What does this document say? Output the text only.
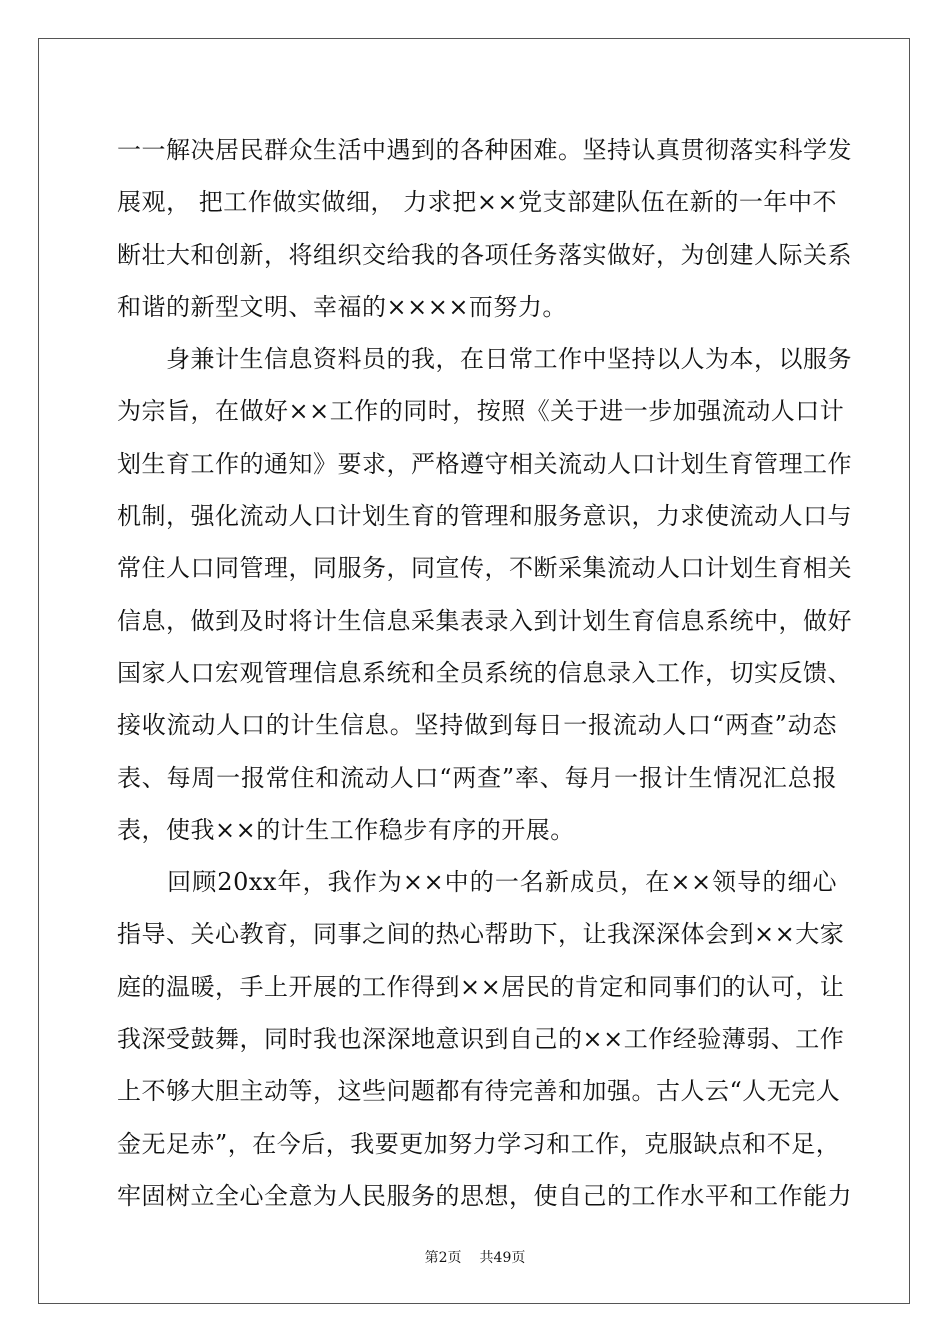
一一解决居民群众生活中遇到的各种困难。坚持认真贯彻落实科学发
展观， 把工作做实做细， 力求把××党支部建队伍在新的一年中不
断壮大和创新，将组织交给我的各项任务落实做好，为创建人际关系
和谐的新型文明、幸福的××××而努力。
　　身兼计生信息资料员的我，在日常工作中坚持以人为本，以服务
为宗旨，在做好××工作的同时，按照《关于进一步加强流动人口计
划生育工作的通知》要求，严格遵守相关流动人口计划生育管理工作
机制，强化流动人口计划生育的管理和服务意识，力求使流动人口与
常住人口同管理，同服务，同宣传，不断采集流动人口计划生育相关
信息，做到及时将计生信息采集表录入到计划生育信息系统中，做好
国家人口宏观管理信息系统和全员系统的信息录入工作，切实反馈、
接收流动人口的计生信息。坚持做到每日一报流动人口“两查”动态
表、每周一报常住和流动人口“两查”率、每月一报计生情况汇总报
表，使我××的计生工作稳步有序的开展。
　　回顾20xx年，我作为××中的一名新成员，在××领导的细心
指导、关心教育，同事之间的热心帮助下，让我深深体会到××大家
庭的温暖，手上开展的工作得到××居民的肯定和同事们的认可，让
我深受鼓舞，同时我也深深地意识到自己的××工作经验薄弱、工作
上不够大胆主动等，这些问题都有待完善和加强。古人云“人无完人
金无足赤”，在今后，我要更加努力学习和工作，克服缺点和不足，
牢固树立全心全意为人民服务的思想，使自己的工作水平和工作能力
第2页 共49页
